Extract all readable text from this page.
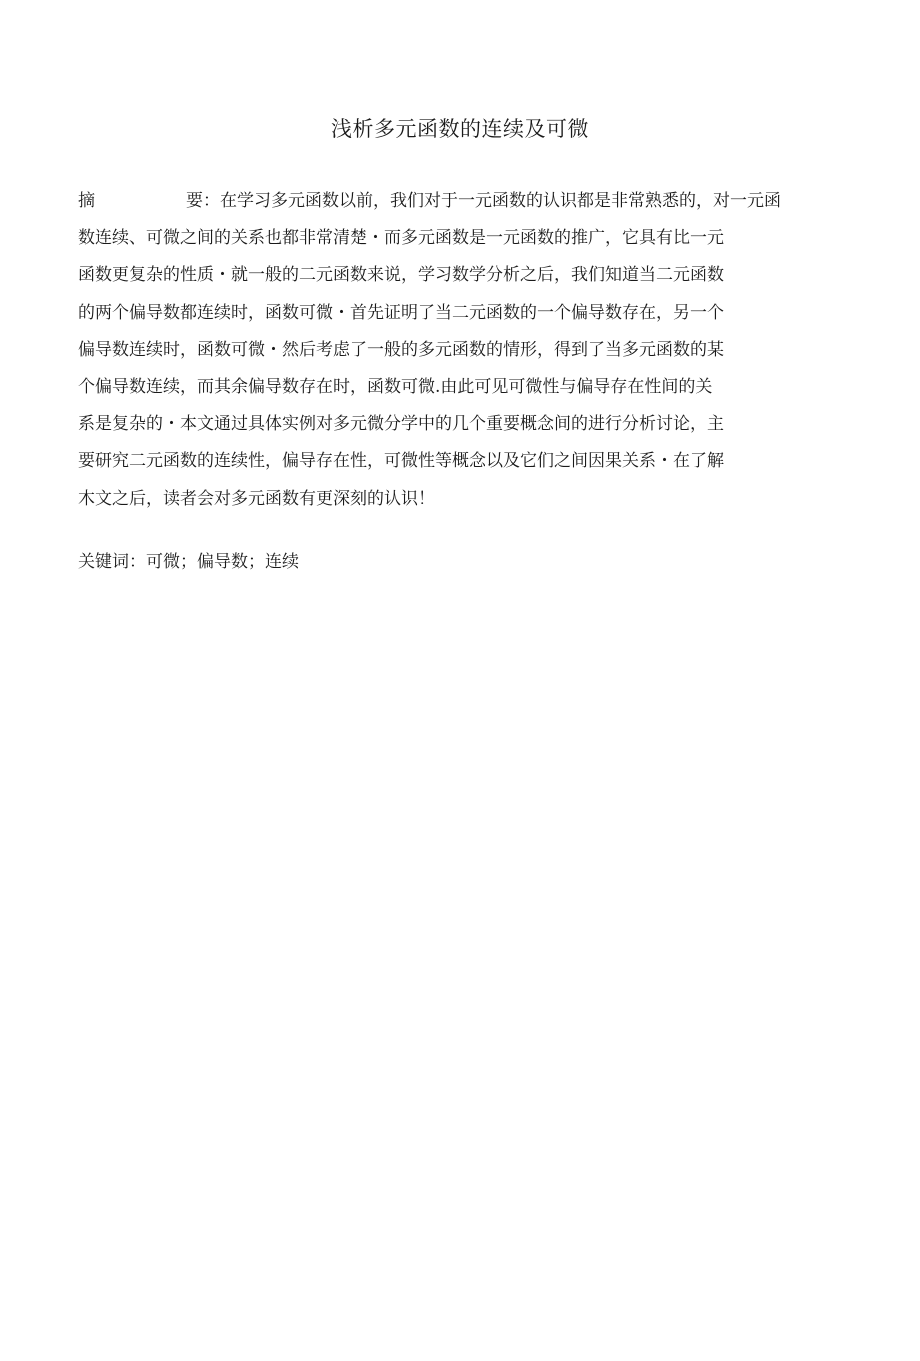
浅析多元函数的连续及可微
摘	要：在学习多元函数以前，我们对于一元函数的认识都是非常熟悉的，对一元函
数连续、可微之间的关系也都非常清楚・而多元函数是一元函数的推广，它具有比一元
函数更复杂的性质・就一般的二元函数来说，学习数学分析之后，我们知道当二元函数
的两个偏导数都连续时，函数可微・首先证明了当二元函数的一个偏导数存在，另一个
偏导数连续时，函数可微・然后考虑了一般的多元函数的情形，得到了当多元函数的某
个偏导数连续，而其余偏导数存在时，函数可微.由此可见可微性与偏导存在性间的关
系是复杂的・本文通过具体实例对多元微分学中的几个重要概念间的进行分析讨论，主
要研究二元函数的连续性，偏导存在性，可微性等概念以及它们之间因果关系・在了解
木文之后，读者会对多元函数有更深刻的认识！
关键词：可微；偏导数；连续
